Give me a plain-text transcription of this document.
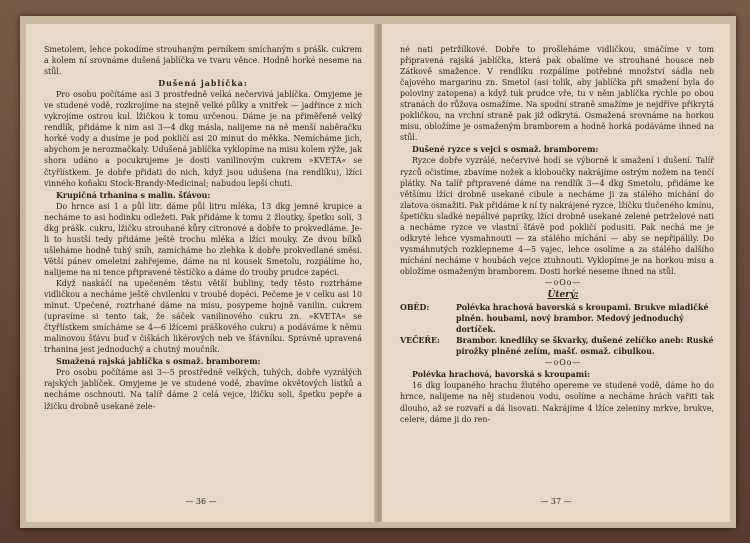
Smetolem, lehce pokodíme strouhaným perníkem smíchaným s prášk. cukrem a kolem ní srovnáme dušená jablíčka ve tvaru věnce. Hodně horké neseme na stůl.

Dušená jablíčka:

Pro osobu počítáme asi 3 prostředně velká nečervivá jablíčka. Omyjeme je ve studené vodě, rozkrojíme na stejně velké půlky a vnitřek — jadřince z nich vykrojíme ostrou kul. lžičkou k tomu určenou. Dáme je na přiměřeně velký rendlík, přidáme k nim asi 3—4 dkg másla, nalijeme na ně menší naběračku horké vody a dusíme je pod pokličí asi 20 minut do měkka. Nemícháme jich, abychom je nerozmačkaly. Udušená jablíčka vyklopíme na misu kolem rýže, jak shora udáno a pocukrujeme je dosti vanilinovým cukrem »KVETA« se čtyřlístkem. Je dobře přidati do nich, když jsou udušena (na rendlíku), lžíci vinného koňaku Stock-Brandy-Medicinal; nabudou lepší chuti.

Krupičná trhanina s malin. šťávou:

Do hrnce asi 1 a půl litr. dáme půl litru mléka, 13 dkg jemné krupice a necháme to asi hodinku odležeti. Pak přidáme k tomu 2 žloutky, špetku soli, 3 dkg prášk. cukru, lžičku strouhané kůry citronové a dobře to prokvedláme. Je-li to hustší tedy přidáme ještě trochu mléka a lžíci mouky. Ze dvou bílků ušleháme hodně tuhý sníh, zamícháme ho zlehka k dobře prokvedlané směsi. Větší pánev omeletní zahřejeme, dáme na ni kousek Smetolu, rozpálíme ho, nalijeme na ni tence připravené těstíčko a dáme do trouby prudce zapéci.

Když naskáčí na upečeném těstu větší bubliny, tedy těsto roztrháme vidličkou a necháme ještě chvilenku v troubě dopéci. Pečeme je v celku asi 10 minut. Upečené, roztrhané dáme na misu, posypeme hojně vanilin. cukrem (upravíme si tento tak, že sáček vanilinového cukru zn. »KVETA« se čtyřlístkem smícháme se 4—6 lžícemi práškového cukru) a podáváme k němu malinovou šťávu buď v čiškách likérových neb ve šťávníku. Správně upravená trhanina jest jednoduchý a chutný moučník.

Smažená rajská jablíčka s osmaž. bramborem:

Pro osobu počítáme asi 3—5 prostředně velkých, tuhých, dobře vyzrálých rajských jablíček. Omyjeme je ve studené vodě, zbavíme okvětových lístků a necháme oschnouti. Na talíř dáme 2 celá vejce, lžičku soli, špetku pepře a lžičku drobně usekané zele-

— 36 —

né nati petržílkové. Dobře to prošleháme vidličkou, smáčíme v tom připravená rajská jablíčka, která pak obalíme ve strouhané housce neb Zátkově smažence. V rendlíku rozpálíme potřebné množství sádla neb čajového margarinu zn. Smetol (asi tolik, aby jablíčka při smažení byla do poloviny zatopena) a když tuk prudce vře, tu v něm jablíčka rychle po obou stranách do růžova osmažíme. Na spodní straně smažíme je nejdříve přikrytá pokličkou, na vrchní straně pak již odkrytá. Osmažená srovnáme na horkou misu, obložíme je osmaženým bramborem a hodně horká podáváme ihned na stůl.

Dušené ryzce s vejci s osmaž. bramborem:

Ryzce dobře vyzrálé, nečervivé hodí se výborně k smažení i dušení. Talíř ryzců očistíme, zbavíme nožek a kloboučky nakrájíme ostrým nožem na tenčí plátky. Na talíř připravené dáme na rendlík 3—4 dkg Smetolu, přidáme ke většímu lžíci drobně usekané cibule a necháme ji za stálého míchání do zlatova osmažiti. Pak přidáme k ní ty nakrájené ryzce, lžičku tlučeného kmínu, špetičku sladké nepálivé papriky, lžíci drobně usekané zelené petrželové nati a necháme ryzce ve vlastní šťávě pod pokličí podusiti. Pak nechá me je odkryté lehce vysmahnouti — za stálého míchání — aby se nepřipálily. Do vysmáhnutých rozklepneme 4—5 vajec, lehce osolíme a za stálého dalšího míchání necháme v houbách vejce ztuhnouti. Vyklopíme je na horkou misu a obložíme osmaženým bramborem. Dosti horké neseme ihned na stůl.

—oOo—

Úterý:

OBĚD:	Polévka hrachová bavorská s kroupami. Brukve mladičké plněn. houbami, nový brambor. Medový jednoduchý dortíček.
VEČEŘE:	Brambor. knedlíky se škvarky, dušené zelíčko aneb: Ruské pirožky plněné zelím, mašť. osmaž. cibulkou.

—oOo—

Polévka hrachová, bavorská s kroupami:

16 dkg loupaného hrachu žlutého opereme ve studené vodě, dáme ho do hrnce, nalijeme na něj studenou vodu, osolíme a necháme hrách vařiti tak dlouho, až se rozvaří a dá lisovati. Nakrájíme 4 lžíce zeleniny mrkve, brukve, celere, dáme ji do ren-

— 37 —
